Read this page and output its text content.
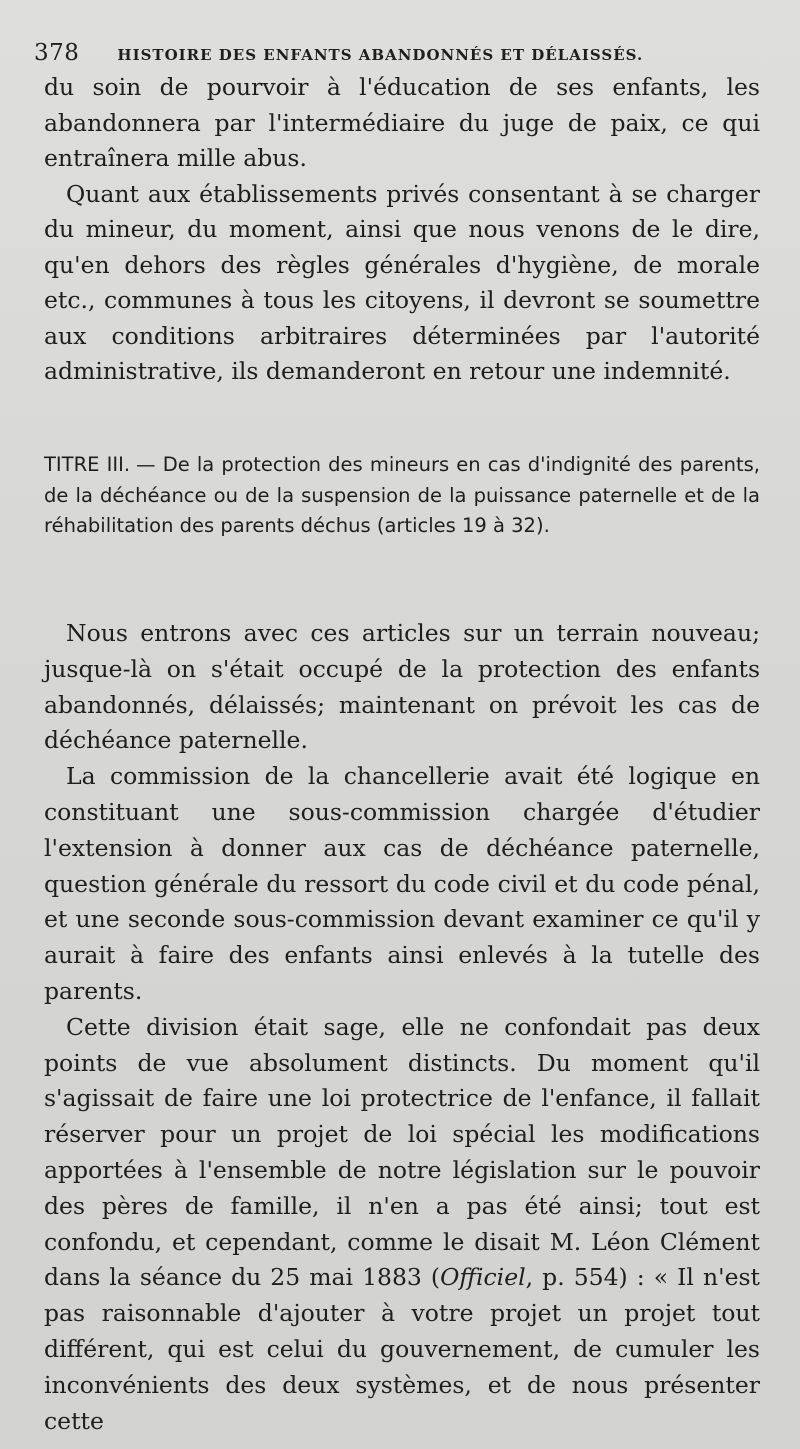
378	HISTOIRE DES ENFANTS ABANDONNÉS ET DÉLAISSÉS.

du soin de pourvoir à l'éducation de ses enfants, les abandonnera par l'intermédiaire du juge de paix, ce qui entraînera mille abus.

Quant aux établissements privés consentant à se charger du mineur, du moment, ainsi que nous venons de le dire, qu'en dehors des règles générales d'hygiène, de morale etc., communes à tous les citoyens, il devront se soumettre aux conditions arbitraires déterminées par l'autorité administrative, ils demanderont en retour une indemnité.

TITRE III. — De la protection des mineurs en cas d'indignité des parents, de la déchéance ou de la suspension de la puissance paternelle et de la réhabilitation des parents déchus (articles 19 à 32).

Nous entrons avec ces articles sur un terrain nouveau; jusque-là on s'était occupé de la protection des enfants abandonnés, délaissés; maintenant on prévoit les cas de déchéance paternelle.

La commission de la chancellerie avait été logique en constituant une sous-commission chargée d'étudier l'extension à donner aux cas de déchéance paternelle, question générale du ressort du code civil et du code pénal, et une seconde sous-commission devant examiner ce qu'il y aurait à faire des enfants ainsi enlevés à la tutelle des parents.

Cette division était sage, elle ne confondait pas deux points de vue absolument distincts. Du moment qu'il s'agissait de faire une loi protectrice de l'enfance, il fallait réserver pour un projet de loi spécial les modifications apportées à l'ensemble de notre législation sur le pouvoir des pères de famille, il n'en a pas été ainsi; tout est confondu, et cependant, comme le disait M. Léon Clément dans la séance du 25 mai 1883 (Officiel, p. 554) : « Il n'est pas raisonnable d'ajouter à votre projet un projet tout différent, qui est celui du gouvernement, de cumuler les inconvénients des deux systèmes, et de nous présenter cette
